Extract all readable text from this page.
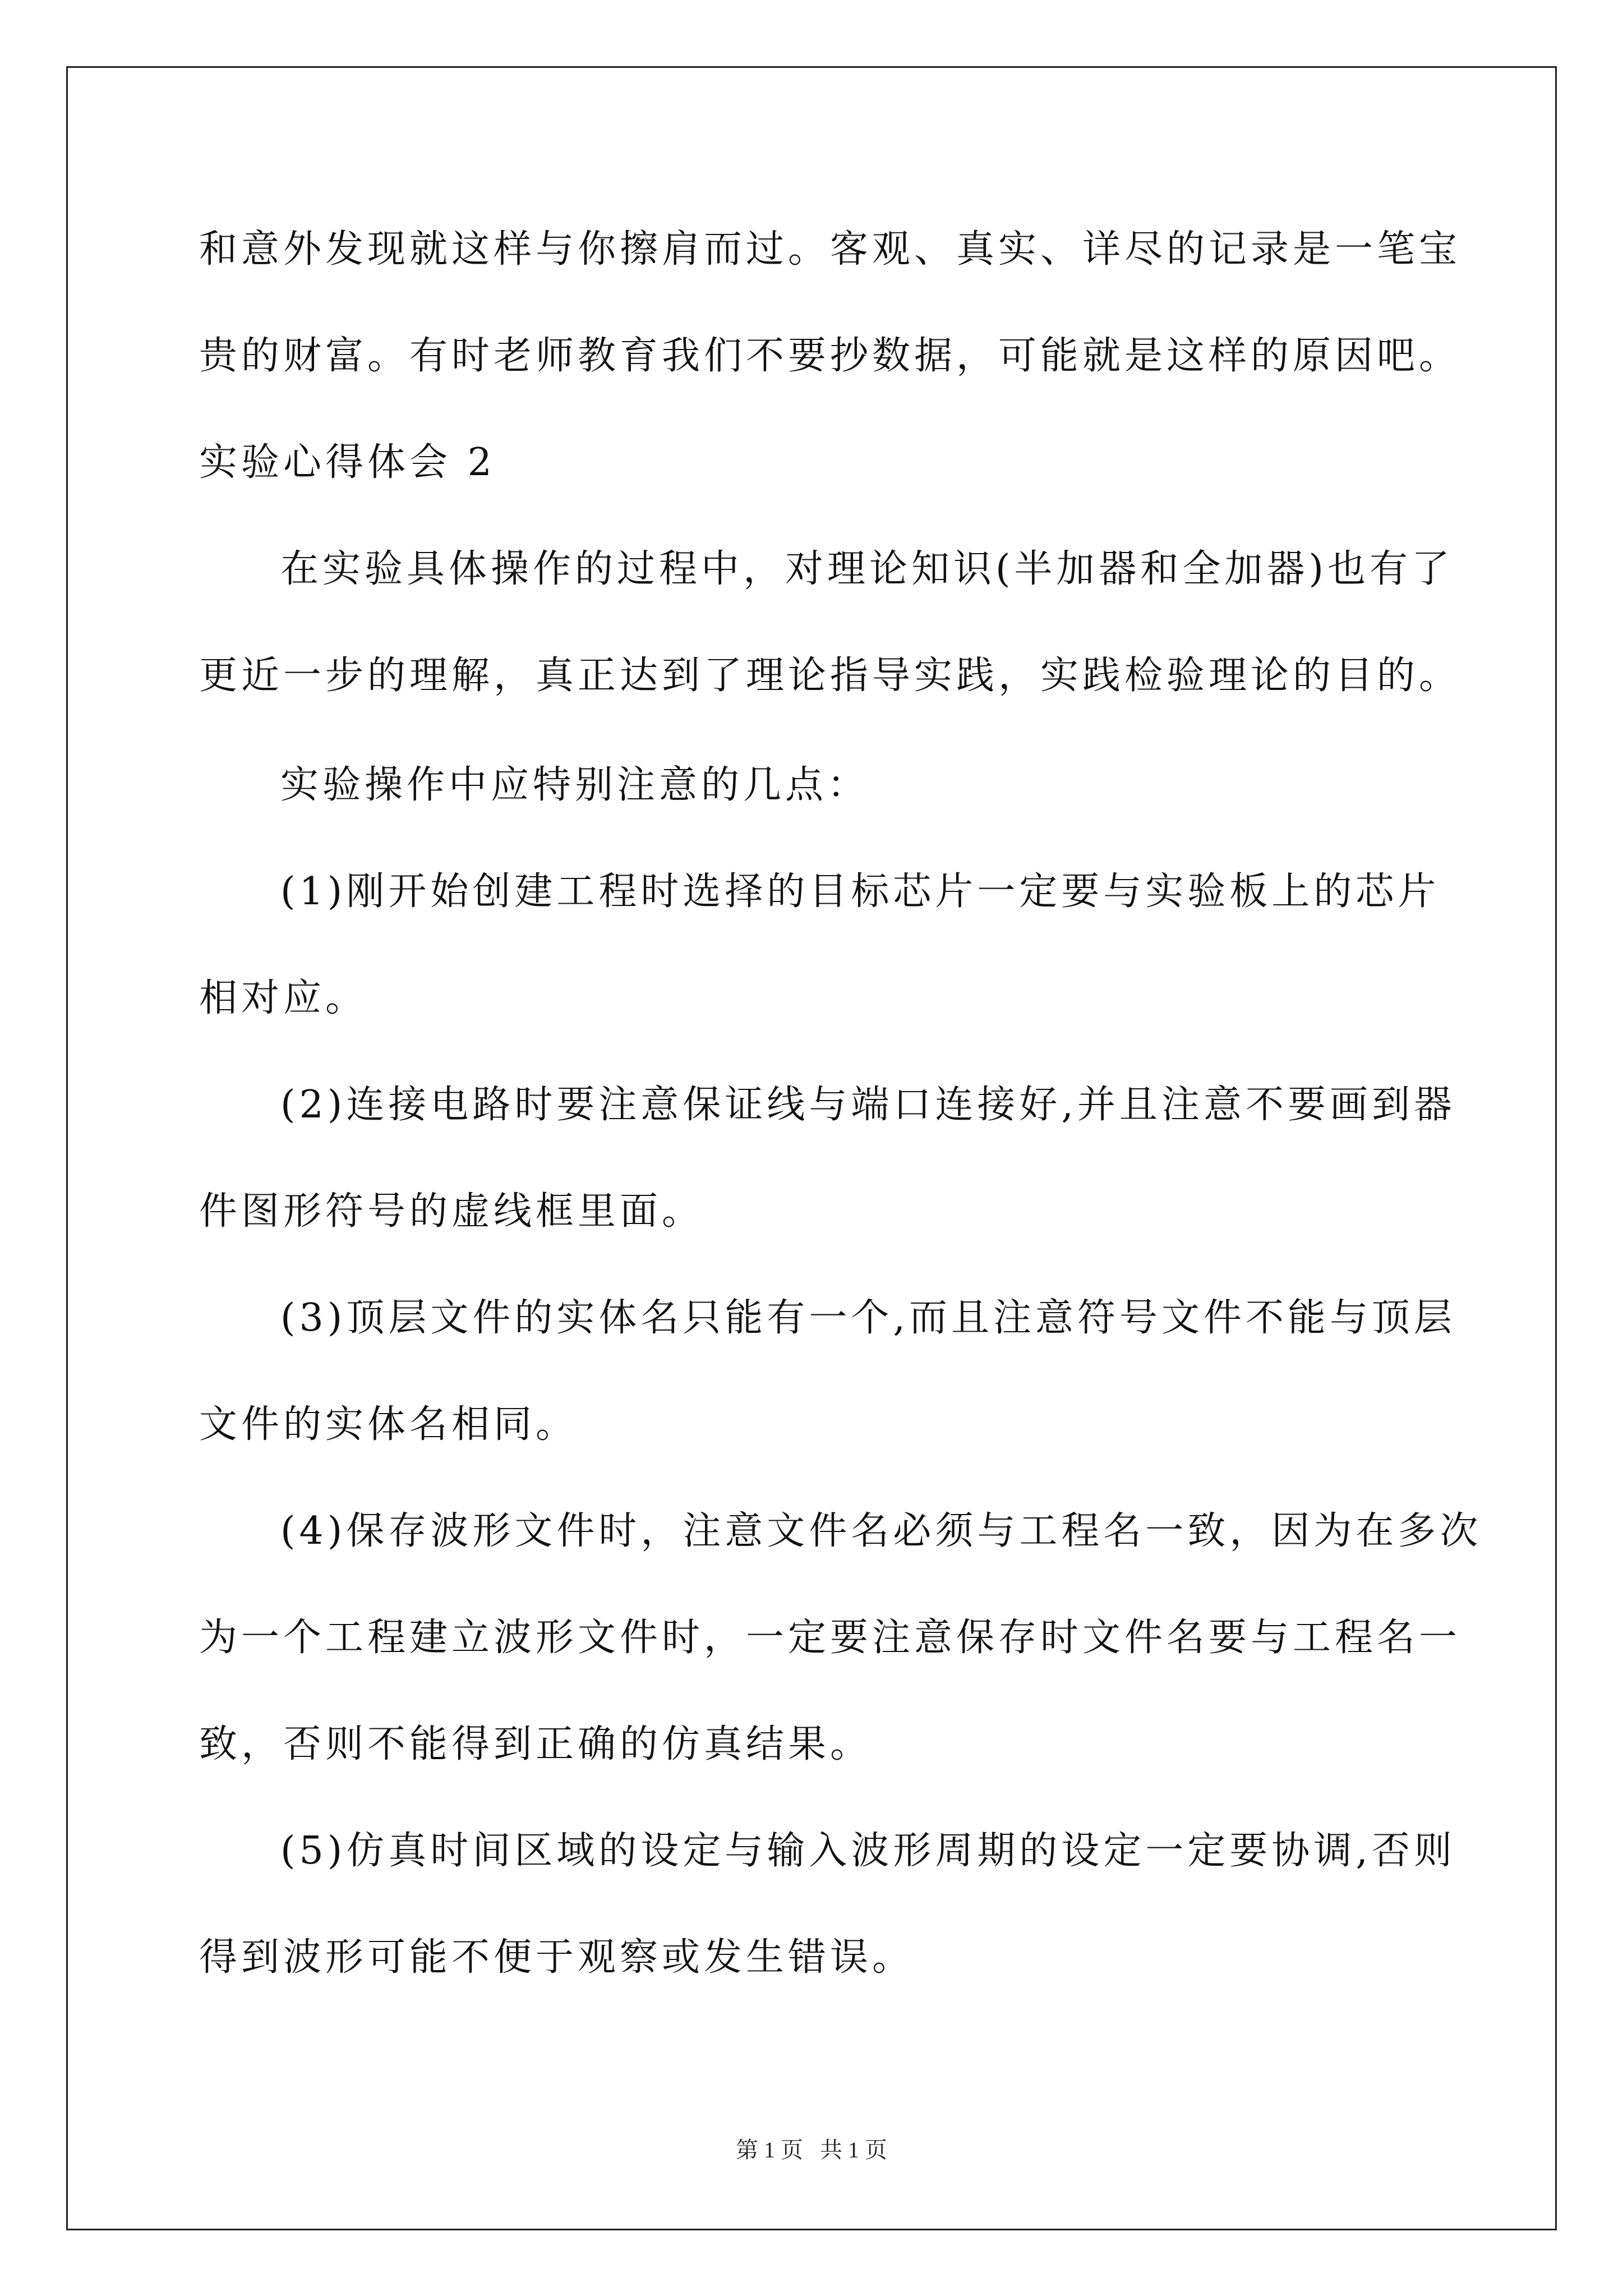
和意外发现就这样与你擦肩而过。客观、真实、详尽的记录是一笔宝
贵的财富。有时老师教育我们不要抄数据，可能就是这样的原因吧。
实验心得体会 2
在实验具体操作的过程中，对理论知识(半加器和全加器)也有了
更近一步的理解，真正达到了理论指导实践，实践检验理论的目的。
实验操作中应特别注意的几点：
(1)刚开始创建工程时选择的目标芯片一定要与实验板上的芯片
相对应。
(2)连接电路时要注意保证线与端口连接好,并且注意不要画到器
件图形符号的虚线框里面。
(3)顶层文件的实体名只能有一个,而且注意符号文件不能与顶层
文件的实体名相同。
(4)保存波形文件时，注意文件名必须与工程名一致，因为在多次
为一个工程建立波形文件时，一定要注意保存时文件名要与工程名一
致，否则不能得到正确的仿真结果。
(5)仿真时间区域的设定与输入波形周期的设定一定要协调,否则
得到波形可能不便于观察或发生错误。
第 1 页   共 1 页
